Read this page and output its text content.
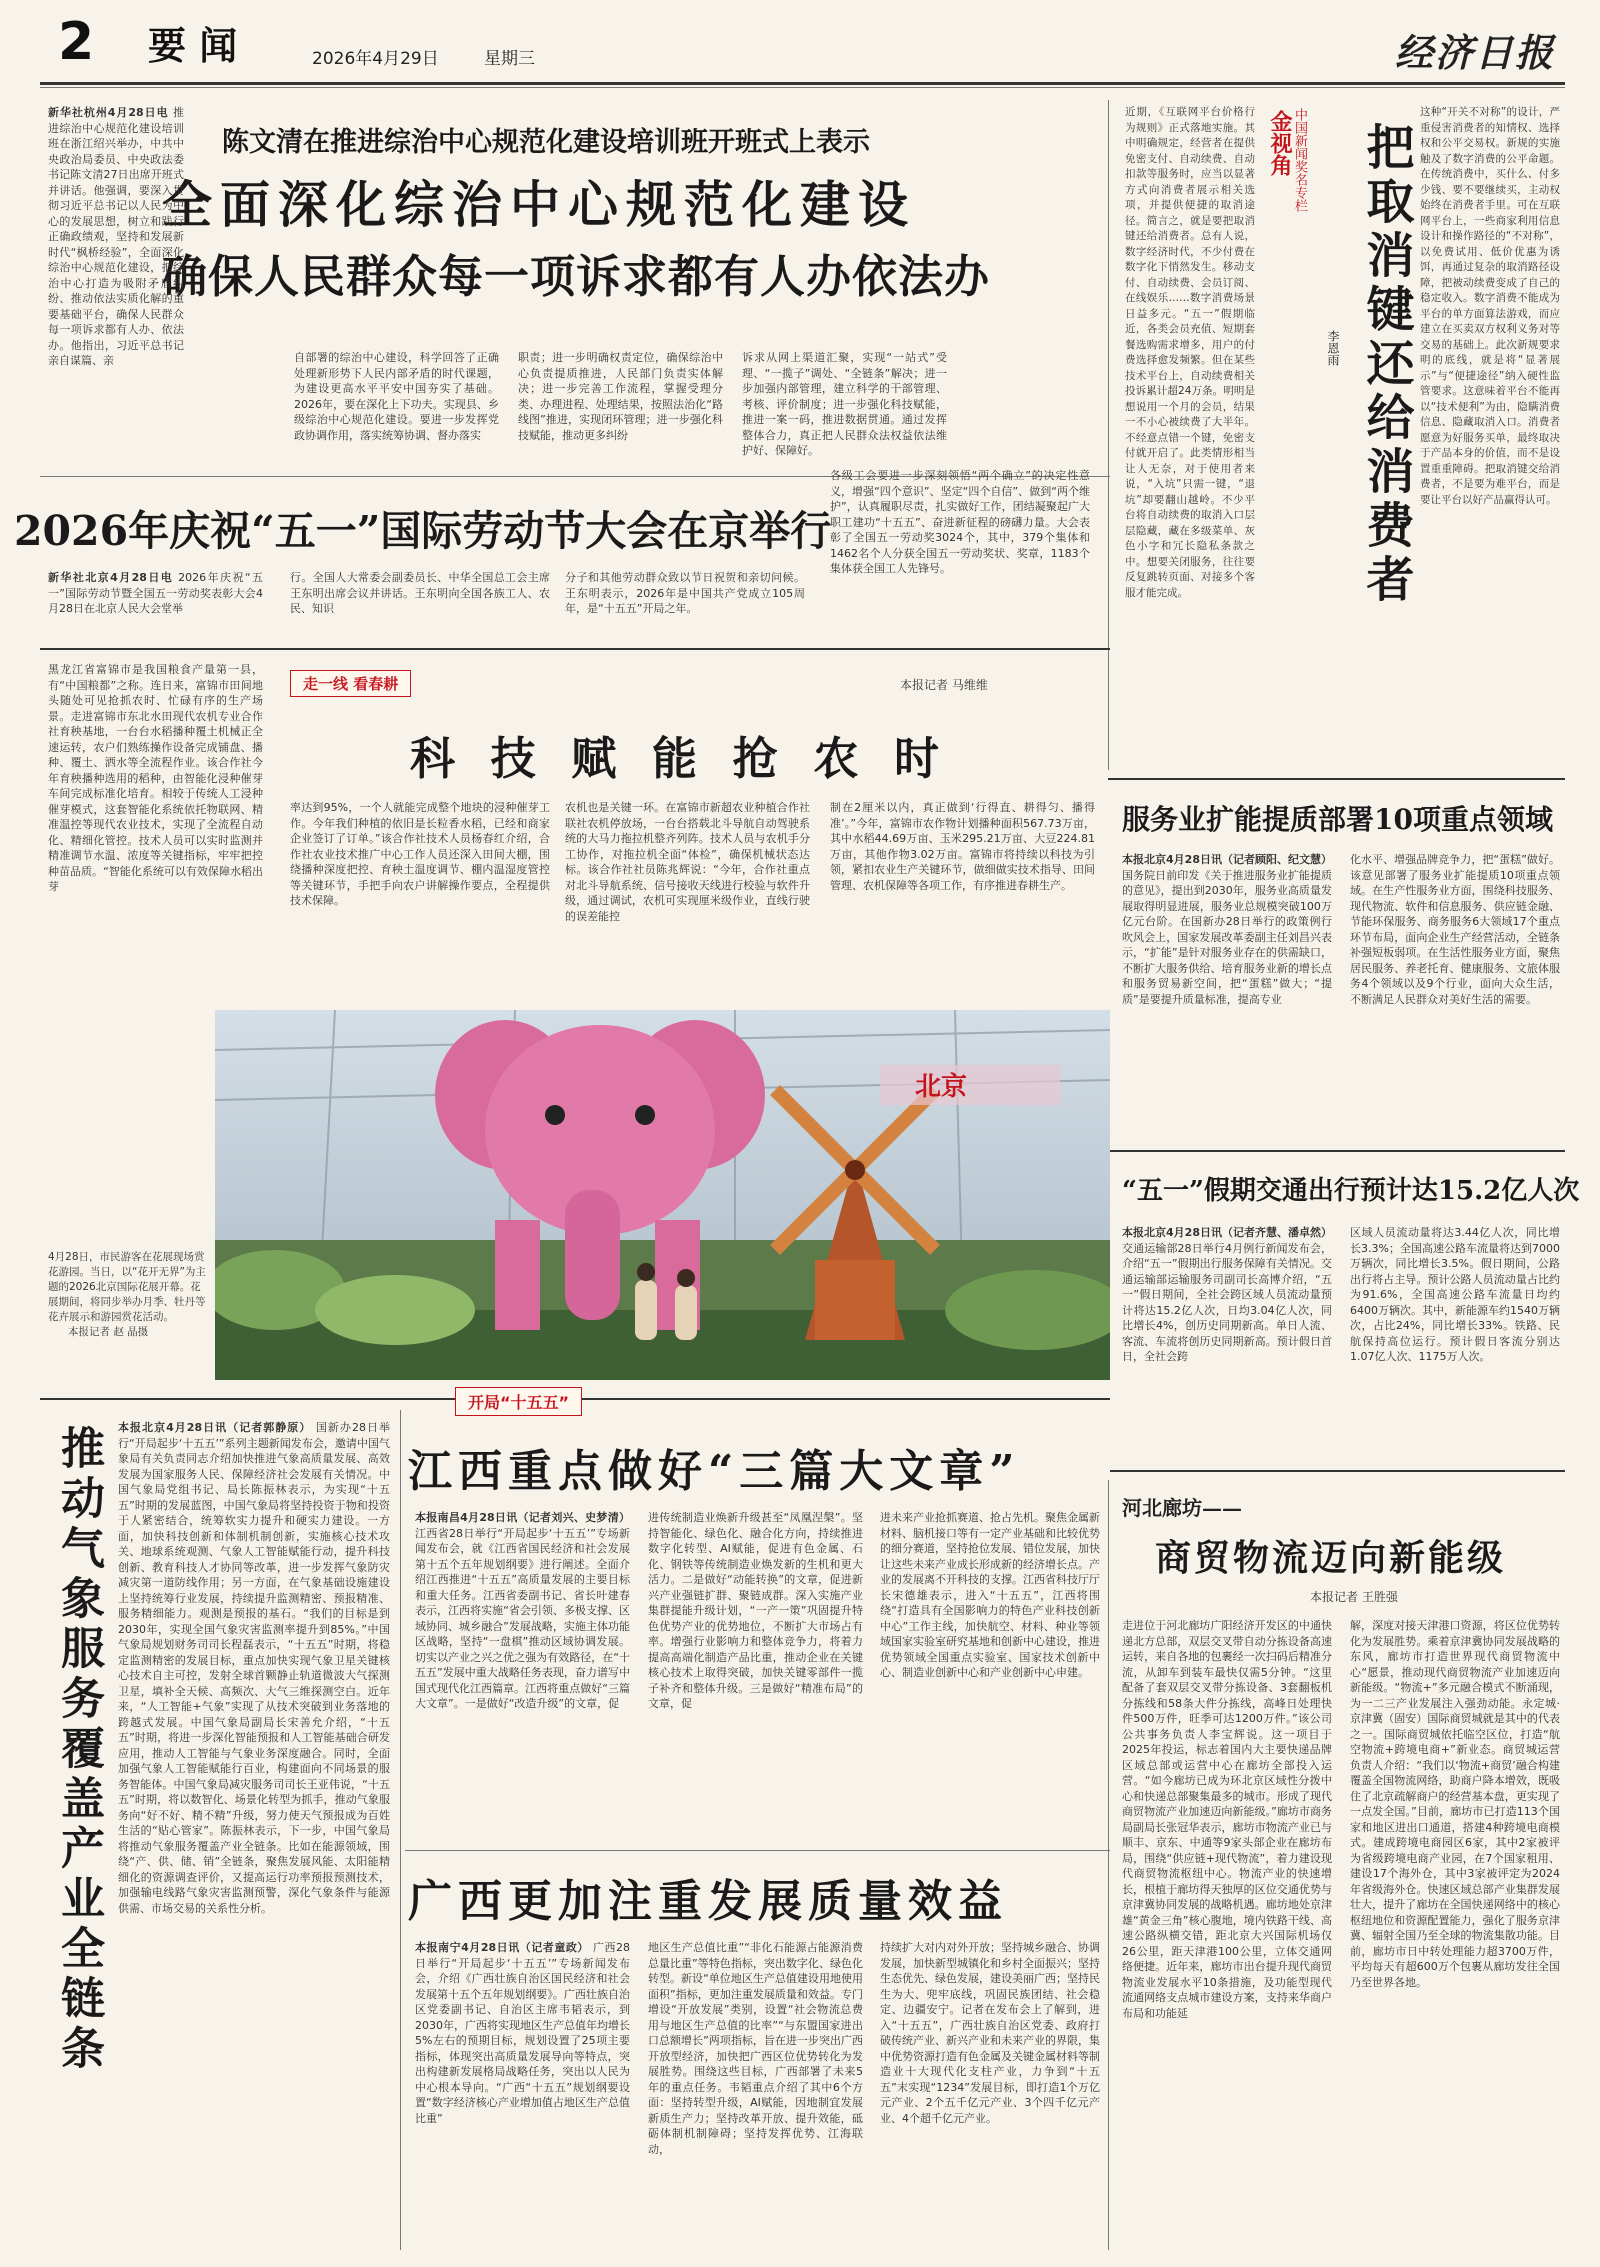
2 要 闻	2026年4月29日	星期三	经济日报
陈文清在推进综治中心规范化建设培训班开班式上表示
全面深化综治中心规范化建设
确保人民群众每一项诉求都有人办依法办
新华社杭州4月28日电 推进综治中心规范化建设培训班在浙江绍兴举办，中共中央政治局委员、中央政法委书记陈文清27日出席开班式并讲话。他强调，要深入贯彻习近平总书记以人民为中心的发展思想，树立和践行正确政绩观，坚持和发展新时代“枫桥经验”，全面深化综治中心规范化建设，把综治中心打造为吸附矛盾纠纷、推动依法实质化解的重要基础平台，确保人民群众每一项诉求都有人办、依法办。他指出，习近平总书记亲自谋篇、亲	自部署的综治中心建设，科学回答了正确处理新形势下人民内部矛盾的时代课题，为建设更高水平平安中国夯实了基础。2026年，要在深化上下功夫。实现县、乡级综治中心规范化建设。要进一步发挥党政协调作用，落实统筹协调、督办落实
职责；进一步明确权责定位，确保综治中心负责提质推进，人民部门负责实体解决；进一步完善工作流程，掌握受理分类、办理进程、处理结果，按照法治化“路线图”推进，实现闭环管理；进一步强化科技赋能，推动更多纠纷
诉求从网上渠道汇聚，实现“一站式”受理、“一揽子”调处、“全链条”解决；进一步加强内部管理，建立科学的干部管理、考核、评价制度；进一步强化科技赋能，推进一案一码，推进数据贯通。通过发挥整体合力，真正把人民群众法权益依法维护好、保障好。
近期，《互联网平台价格行为规则》正式落地实施。其中明确规定，经营者在提供免密支付、自动续费、自动扣款等服务时，应当以显著方式向消费者展示相关选项，并提供便捷的取消途径。简言之，就是要把取消键还给消费者。总有人说，数字经济时代，不少付费在数字化下悄然发生。移动支付、自动续费、会员订阅、在线娱乐……数字消费场景日益多元。“五一”假期临近，各类会员充值、短期套餐选购需求增多，用户的付费选择愈发频繁。但在某些技术平台上，自动续费相关投诉累计超24万条。明明是想说用一个月的会员，结果一不小心被续费了大半年。不经意点错一个键，免密支付就开启了。此类情形相当让人无奈，对于使用者来说，“入坑”只需一键，“退坑”却要翻山越岭。不少平台将自动续费的取消入口层层隐藏，藏在多级菜单、灰色小字和冗长隐私条款之中。想要关闭服务，往往要反复跳转页面、对接多个客服才能完成。
中国新闻奖名专栏
金视角 把取消键还给消费者
李恩雨
这种“开关不对称”的设计，严重侵害消费者的知情权、选择权和公平交易权。新规的实施触及了数字消费的公平命题。在传统消费中，买什么、付多少钱、要不要继续买，主动权始终在消费者手里。可在互联网平台上，一些商家利用信息设计和操作路径的“不对称”，以免费试用、低价优惠为诱饵，再通过复杂的取消路径设障，把被动续费变成了自己的稳定收入。数字消费不能成为平台的单方面算法游戏，而应建立在买卖双方权利义务对等交易的基础上。此次新规要求明的底线，就是将“显著展示”与“便捷途径”纳入硬性监管要求。这意味着平台不能再以“技术便利”为由，隐瞒消费信息、隐藏取消入口。消费者愿意为好服务买单，最终取决于产品本身的价值，而不是设置重重障碍。把取消键交给消费者，不是要为难平台，而是要让平台以好产品赢得认可。
2026年庆祝“五一”国际劳动节大会在京举行
新华社北京4月28日电 2026年庆祝“五一”国际劳动节暨全国五一劳动奖表彰大会4月28日在北京人民大会堂举
行。全国人大常委会副委员长、中华全国总工会主席王东明出席会议并讲话。王东明向全国各族工人、农民、知识
分子和其他劳动群众致以节日祝贺和亲切问候。王东明表示，2026年是中国共产党成立105周年，是“十五五”开局之年。
各级工会要进一步深刻领悟“两个确立”的决定性意义，增强“四个意识”、坚定“四个自信”、做到“两个维护”，认真履职尽责，扎实做好工作，团结凝聚起广大职工建功“十五五”、奋进新征程的磅礴力量。大会表彰了全国五一劳动奖3024个，其中，379个集体和1462名个人分获全国五一劳动奖状、奖章，1183个集体获全国工人先锋号。
黑龙江省富锦市是我国粮食产量第一县，有“中国粮都”之称。连日来，富锦市田间地头随处可见抢抓农时、忙碌有序的生产场景。走进富锦市东北水田现代农机专业合作社育秧基地，一台台水稻播种覆土机械正全速运转，农户们熟练操作设备完成铺盘、播种、覆土、洒水等全流程作业。该合作社今年育秧播种选用的稻种，由智能化浸种催芽车间完成标准化培育。相较于传统人工浸种催芽模式，这套智能化系统依托物联网、精准温控等现代农业技术，实现了全流程自动化、精细化管控。技术人员可以实时监测并精准调节水温、浓度等关键指标，牢牢把控种苗品质。“智能化系统可以有效保障水稻出芽
走一线 看春耕	本报记者 马维维
科 技 赋 能 抢 农 时
率达到95%，一个人就能完成整个地块的浸种催芽工作。今年我们种植的依旧是长粒香水稻，已经和商家企业签订了订单。”该合作社技术人员杨春红介绍，合作社农业技术推广中心工作人员还深入田间大棚，围绕播种深度把控、育秧土温度调节、棚内温湿度管控等关键环节，手把手向农户讲解操作要点，全程提供技术保障。
农机也是关键一环。在富锦市新超农业种植合作社联社农机停放场，一台台搭载北斗导航自动驾驶系统的大马力拖拉机整齐列阵。技术人员与农机手分工协作，对拖拉机全面“体检”，确保机械状态达标。该合作社社员陈兆辉说：“今年，合作社重点对北斗导航系统、信号接收天线进行校验与软件升级，通过调试，农机可实现厘米级作业，直线行驶的误差能控
制在2厘米以内，真正做到‘行得直、耕得匀、播得准’。”今年，富锦市农作物计划播种面积567.73万亩，其中水稻44.69万亩、玉米295.21万亩、大豆224.81万亩，其他作物3.02万亩。富锦市将持续以科技为引领，紧扣农业生产关键环节，做细做实技术指导、田间管理、农机保障等各项工作，有序推进春耕生产。
北京
4月28日，市民游客在花展现场赏花游园。当日，以“花开无界”为主题的2026北京国际花展开幕。花展期间，将同步举办月季、牡丹等花卉展示和游园赏花活动。
本报记者 赵 晶摄
服务业扩能提质部署10项重点领域
本报北京4月28日讯（记者顾阳、纪文慧） 国务院日前印发《关于推进服务业扩能提质的意见》，提出到2030年，服务业高质量发展取得明显进展，服务业总规模突破100万亿元台阶。在国新办28日举行的政策例行吹风会上，国家发展改革委副主任刘昌兴表示，“扩能”是针对服务业存在的供需缺口，不断扩大服务供给、培育服务业新的增长点和服务贸易新空间，把“蛋糕”做大；“提质”是要提升质量标准，提高专业
化水平、增强品牌竞争力，把“蛋糕”做好。该意见部署了服务业扩能提质10项重点领域。在生产性服务业方面，围绕科技服务、现代物流、软件和信息服务、供应链金融、节能环保服务、商务服务6大领域17个重点环节布局，面向企业生产经营活动，全链条补强短板弱项。在生活性服务业方面，聚焦居民服务、养老托育、健康服务、文旅体服务4个领域以及9个行业，面向大众生活，不断满足人民群众对美好生活的需要。
“五一”假期交通出行预计达15.2亿人次
本报北京4月28日讯（记者齐慧、潘卓然） 交通运输部28日举行4月例行新闻发布会，介绍“五一”假期出行服务保障有关情况。交通运输部运输服务司副司长高博介绍，“五一”假日期间，全社会跨区域人员流动量预计将达15.2亿人次，日均3.04亿人次，同比增长4%，创历史同期新高。单日人流、客流、车流将创历史同期新高。预计假日首日，全社会跨
区域人员流动量将达3.44亿人次，同比增长3.3%；全国高速公路车流量将达到7000万辆次，同比增长3.5%。假日期间，公路出行将占主导。预计公路人员流动量占比约为91.6%，全国高速公路车流量日均约6400万辆次。其中，新能源车约1540万辆次，占比24%，同比增长33%。铁路、民航保持高位运行。预计假日客流分别达1.07亿人次、1175万人次。
开局“十五五”
推动气象服务覆盖产业全链条	本报北京4月28日讯（记者郭静原） 国新办28日举行“开局起步‘十五五’”系列主题新闻发布会，邀请中国气象局有关负责同志介绍加快推进气象高质量发展、高效发展为国家服务人民、保障经济社会发展有关情况。中国气象局党组书记、局长陈振林表示，为实现“十五五”时期的发展蓝图，中国气象局将坚持投资于物和投资于人紧密结合，统筹软实力提升和硬实力建设。一方面，加快科技创新和体制机制创新，实施核心技术攻关、地球系统观测、气象人工智能赋能行动，提升科技创新、教育科技人才协同等改革，进一步发挥气象防灾减灾第一道防线作用；另一方面，在气象基础设施建设上坚持统筹行业发展，持续提升监测精密、预报精准、服务精细能力。观测是预报的基石。“我们的目标是到2030年，实现全国气象灾害监测率提升到85%。”中国气象局规划财务司司长程磊表示，“十五五”时期，将稳定监测精密的发展目标，重点加快实现气象卫星关键核心技术自主可控，发射全球首颗静止轨道微波大气探测卫星，填补全天候、高频次、大气三维探测空白。近年来，“人工智能+气象”实现了从技术突破到业务落地的跨越式发展。中国气象局副局长宋善允介绍，“十五五”时期，将进一步深化智能预报和人工智能基础合研发应用，推动人工智能与气象业务深度融合。同时，全面加强气象人工智能赋能行百业，构建面向不同场景的服务智能体。中国气象局减灾服务司司长王亚伟说，“十五五”时期，将以数智化、场景化转型为抓手，推动气象服务向“好不好、精不精”升级，努力使天气预报成为百姓生活的“贴心管家”。陈振林表示，下一步，中国气象局将推动气象服务覆盖产业全链条。比如在能源领域，围绕“产、供、储、销”全链条，聚焦发展风能、太阳能精细化的资源调查评价，又提高运行功率预报预测技术，加强输电线路气象灾害监测预警，深化气象条件与能源供需、市场交易的关系性分析。
江西重点做好“三篇大文章”
本报南昌4月28日讯（记者刘兴、史梦清） 江西省28日举行“开局起步‘十五五’”专场新闻发布会，就《江西省国民经济和社会发展第十五个五年规划纲要》进行阐述。全面介绍江西推进“十五五”高质量发展的主要目标和重大任务。江西省委副书记、省长叶建春表示，江西将实施“省会引领、多极支撑、区域协同、城乡融合”发展战略，实施主体功能区战略，坚持“一盘棋”推动区域协调发展。切实以产业之兴之优之强为有效路径，在“十五五”发展中重大战略任务表现，奋力谱写中国式现代化江西篇章。江西将重点做好“三篇大文章”。一是做好“改造升级”的文章，促
进传统制造业焕新升级甚至“凤凰涅槃”。坚持智能化、绿色化、融合化方向，持续推进数字化转型、AI赋能，促进有色金属、石化、钢铁等传统制造业焕发新的生机和更大活力。二是做好“动能转换”的文章，促进新兴产业强链扩群、聚链成群。深入实施产业集群提能升级计划，“一产一策”巩固提升特色优势产业的优势地位，不断扩大市场占有率。增强行业影响力和整体竞争力，将着力提高高端化制造产品比重，推动企业在关键核心技术上取得突破，加快关键零部件一揽子补齐和整体升级。三是做好“精准布局”的文章，促
进未来产业抢抓赛道、抢占先机。聚焦金属新材料、脑机接口等有一定产业基础和比较优势的细分赛道，坚持抢位发展、错位发展，加快让这些未来产业成长形成新的经济增长点。产业的发展离不开科技的支撑。江西省科技厅厅长宋德雄表示，进入“十五五”，江西将围绕“打造具有全国影响力的特色产业科技创新中心”工作主线，加快航空、材料、种业等领域国家实验室研究基地和创新中心建设，推进优势领域全国重点实验室、国家技术创新中心、制造业创新中心和产业创新中心申建。
广西更加注重发展质量效益
本报南宁4月28日讯（记者童政） 广西28日举行“开局起步‘十五五’”专场新闻发布会，介绍《广西壮族自治区国民经济和社会发展第十五个五年规划纲要》。广西壮族自治区党委副书记、自治区主席韦韬表示，到2030年，广西将实现地区生产总值年均增长5%左右的预期目标，规划设置了25项主要指标，体现突出高质量发展导向等特点，突出构建新发展格局战略任务，突出以人民为中心根本导向。“广西“十五五”规划纲要设置“数字经济核心产业增加值占地区生产总值比重”
地区生产总值比重”“非化石能源占能源消费总量比重”等特色指标，突出数字化、绿色化转型。新设“单位地区生产总值建设用地使用面积”指标，更加注重发展质量和效益。专门增设“开放发展”类别，设置“社会物流总费用与地区生产总值的比率”“与东盟国家进出口总额增长”两项指标，旨在进一步突出广西开放型经济，加快把广西区位优势转化为发展胜势。围绕这些目标，广西部署了未来5年的重点任务。韦韬重点介绍了其中6个方面：坚持转型升级，AI赋能，因地制宜发展新质生产力；坚持改革开放、提升效能，砥砺体制机制障碍；坚持发挥优势、江海联动，
持续扩大对内对外开放；坚持城乡融合、协调发展，加快新型城镇化和乡村全面振兴；坚持生态优先、绿色发展，建设美丽广西；坚持民生为大、兜牢底线，巩固民族团结、社会稳定、边疆安宁。记者在发布会上了解到，进入“十五五”，广西壮族自治区党委、政府打破传统产业、新兴产业和未来产业的界限，集中优势资源打造有色金属及关键金属材料等制造业十大现代化支柱产业，力争到“十五五”末实现“1234”发展目标，即打造1个万亿元产业、2个五千亿元产业、3个四千亿元产业、4个超千亿元产业。
河北廊坊——
商贸物流迈向新能级
本报记者 王胜强
走进位于河北廊坊广阳经济开发区的中通快递北方总部，双层交叉带自动分拣设备高速运转，来自各地的包裹经一次扫码后精准分流，从卸车到装车最快仅需5分钟。“这里配备了套双层交叉带分拣设备、3套翻板机分拣线和58条大件分拣线，高峰日处理快件500万件，旺季可达1200万件。”该公司公共事务负责人李宝辉说。这一项目于2025年投运，标志着国内大主要快递品牌区域总部或运营中心在廊坊全部投入运营。“如今廊坊已成为环北京区域性分拨中心和快递总部聚集最多的城市。形成了现代商贸物流产业加速迈向新能级。”廊坊市商务局副局长张冠华表示，廊坊市物流产业已与顺丰、京东、中通等9家头部企业在廊坊布局，围绕“供应链+现代物流”，着力建设现代商贸物流枢纽中心。物流产业的快速增长，根植于廊坊得天独厚的区位交通优势与京津冀协同发展的战略机遇。廊坊地处京津雄“黄金三角”核心腹地，境内铁路干线、高速公路纵横交错，距北京大兴国际机场仅26公里，距天津港100公里，立体交通网络便捷。近年来，廊坊市出台提升现代商贸物流业发展水平10条措施，及功能型现代流通网络支点城市建设方案，支持来华商户布局和功能延
解，深度对接天津港口资源，将区位优势转化为发展胜势。乘着京津冀协同发展战略的东风，廊坊市打造世界现代商贸物流中心“愿景，推动现代商贸物流产业加速迈向新能级。“物流+”多元融合模式不断涌现，为一二三产业发展注入强劲动能。永定城·京津冀（固安）国际商贸城就是其中的代表之一。国际商贸城依托临空区位，打造“航空物流+跨境电商+”新业态。商贸城运营负责人介绍：“我们以‘物流+商贸’融合构建覆盖全国物流网络，助商户降本增效，既吸住了北京疏解商户的经营基本盘，更实现了一点发全国。”目前，廊坊市已打造113个国家和地区进出口通道，搭建4种跨境电商模式。建成跨境电商园区6家，其中2家被评为省级跨境电商产业园，在7个国家租用、建设17个海外仓，其中3家被评定为2024年省级海外仓。快速区域总部产业集群发展壮大，提升了廊坊在全国快递网络中的核心枢纽地位和资源配置能力，强化了服务京津冀、辐射全国乃至全球的物流集散功能。目前，廊坊市日中转处理能力超3700万件，平均每天有超600万个包裹从廊坊发往全国乃至世界各地。
